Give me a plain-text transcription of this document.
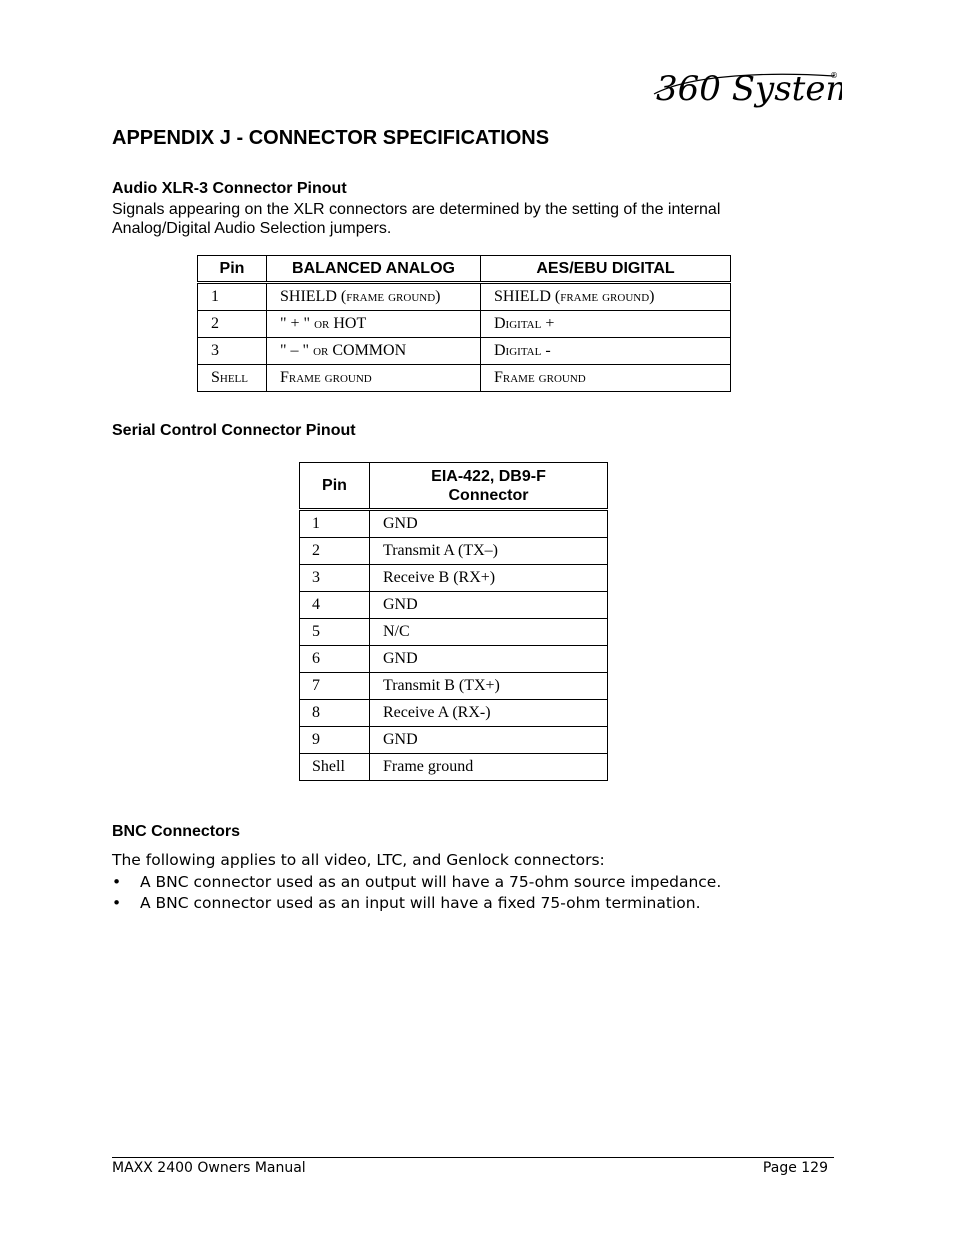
360 Syste ®
APPENDIX J - CONNECTOR SPECIFICATIONS
Audio XLR-3 Connector Pinout
Signals appearing on the XLR connectors are determined by the setting of the internal Analog/Digital Audio Selection jumpers.
Pin	BALANCED ANALOG	AES/EBU DIGITAL
1	SHIELD (frame ground)	SHIELD (frame ground)
2	" + " or HOT	Digital +
3	" – " or COMMON	Digital -
Shell	Frame ground	Frame ground
Serial Control Connector Pinout
Pin	EIA-422, DB9-F Connector
1	GND
2	Transmit A (TX–)
3	Receive B (RX+)
4	GND
5	N/C
6	GND
7	Transmit B (TX+)
8	Receive A (RX-)
9	GND
Shell	Frame ground
BNC Connectors
The following applies to all video, LTC, and Genlock connectors:
• A BNC connector used as an output will have a 75-ohm source impedance.
• A BNC connector used as an input will have a fixed 75-ohm termination.
MAXX 2400 Owners Manual	Page 129
